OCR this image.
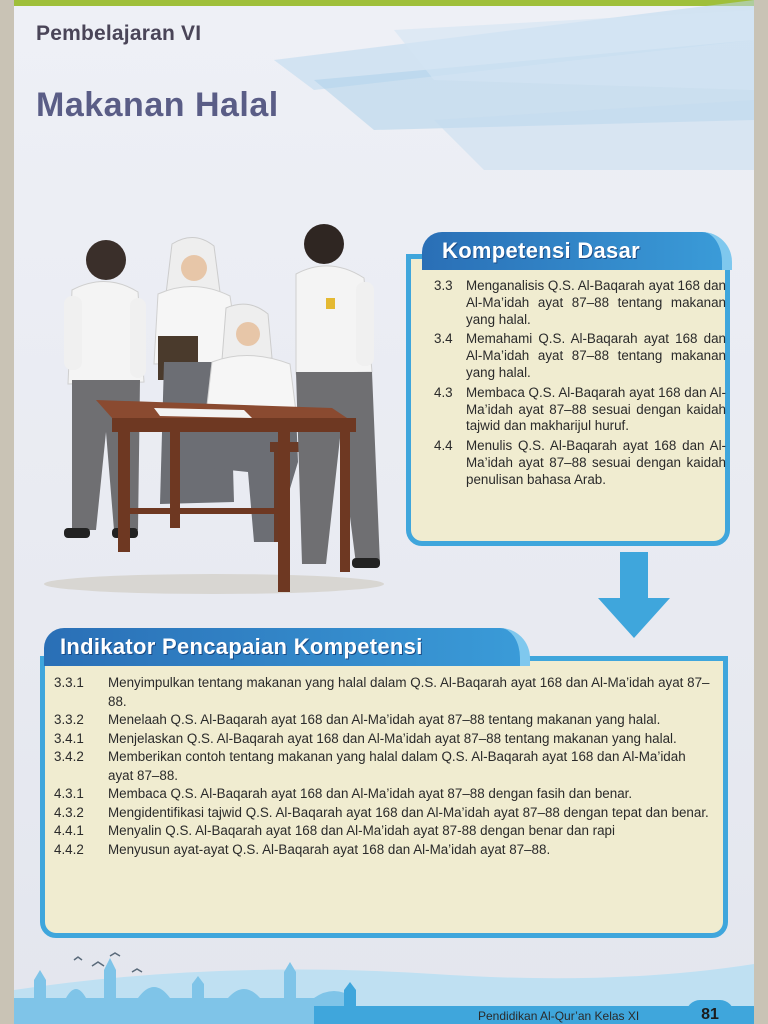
Pembelajaran VI
Makanan Halal
Kompetensi Dasar
3.3 Menganalisis Q.S. Al-Baqarah ayat 168 dan Al-Ma’idah ayat 87–88 tentang makanan yang halal.
3.4 Memahami Q.S. Al-Baqarah ayat 168 dan Al-Ma’idah ayat 87–88 tentang makanan yang halal.
4.3 Membaca Q.S. Al-Baqarah ayat 168 dan Al-Ma’idah ayat 87–88 sesuai dengan kaidah tajwid dan makharijul huruf.
4.4 Menulis Q.S. Al-Baqarah ayat 168 dan Al-Ma’idah ayat 87–88 sesuai dengan kaidah penulisan bahasa Arab.
Indikator Pencapaian Kompetensi
3.3.1	Menyimpulkan tentang makanan yang halal dalam Q.S. Al-Baqarah ayat 168 dan Al-Ma’idah ayat 87–88.
3.3.2	Menelaah Q.S. Al-Baqarah ayat 168 dan Al-Ma’idah ayat 87–88 tentang makanan yang halal.
3.4.1	Menjelaskan Q.S. Al-Baqarah ayat 168 dan Al-Ma’idah ayat 87–88 tentang makanan yang halal.
3.4.2	Memberikan contoh tentang makanan yang halal dalam Q.S. Al-Baqarah ayat 168 dan Al-Ma’idah ayat 87–88.
4.3.1	Membaca Q.S. Al-Baqarah ayat 168 dan Al-Ma’idah ayat 87–88 dengan fasih dan benar.
4.3.2	Mengidentifikasi tajwid Q.S. Al-Baqarah ayat 168 dan Al-Ma’idah ayat 87–88 dengan tepat dan benar.
4.4.1	Menyalin Q.S. Al-Baqarah ayat 168 dan Al-Ma’idah ayat 87-88 dengan benar dan rapi
4.4.2	Menyusun ayat-ayat Q.S. Al-Baqarah ayat 168 dan Al-Ma’idah ayat 87–88.
Pendidikan Al-Qur’an Kelas XI	81
